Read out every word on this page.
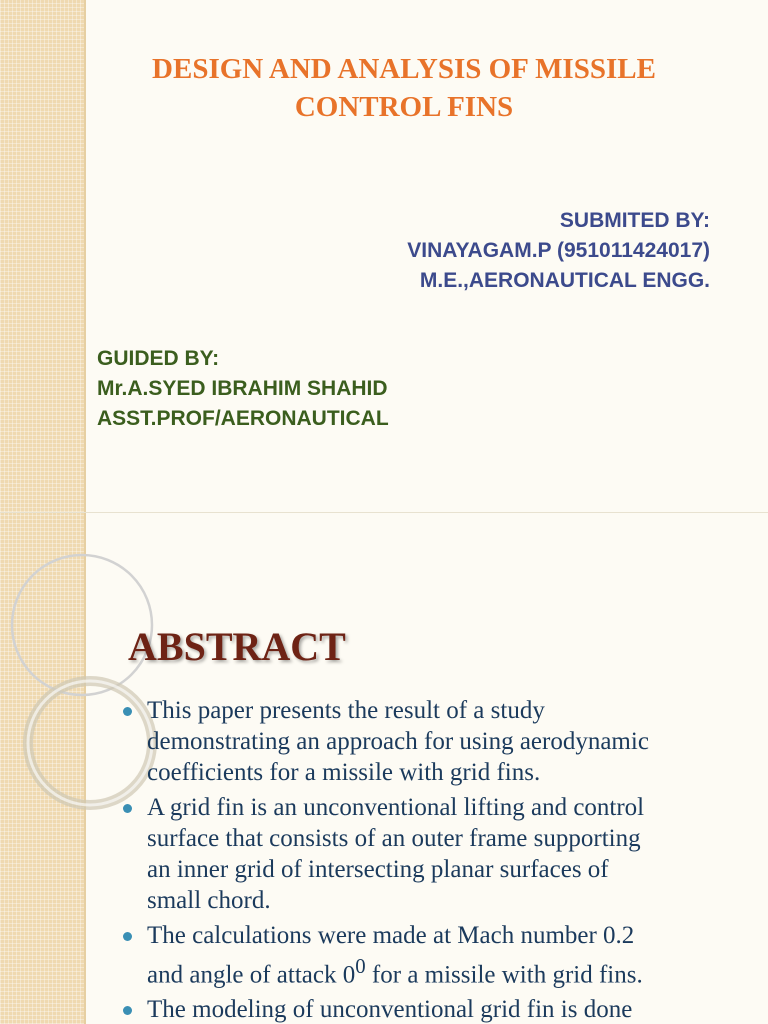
DESIGN AND ANALYSIS OF MISSILE
CONTROL FINS
SUBMITED BY:
VINAYAGAM.P (951011424017)
M.E.,AERONAUTICAL ENGG.
GUIDED BY:
Mr.A.SYED IBRAHIM SHAHID
ASST.PROF/AERONAUTICAL
ABSTRACT
This paper presents the result of a study
demonstrating an approach for using aerodynamic
coefficients for a missile with grid fins.
A grid fin is an unconventional lifting and control
surface that consists of an outer frame supporting
an inner grid of intersecting planar surfaces of
small chord.
The calculations were made at Mach number 0.2
and angle of attack $0^0$ for a missile with grid fins.
The modeling of unconventional grid fin is done
